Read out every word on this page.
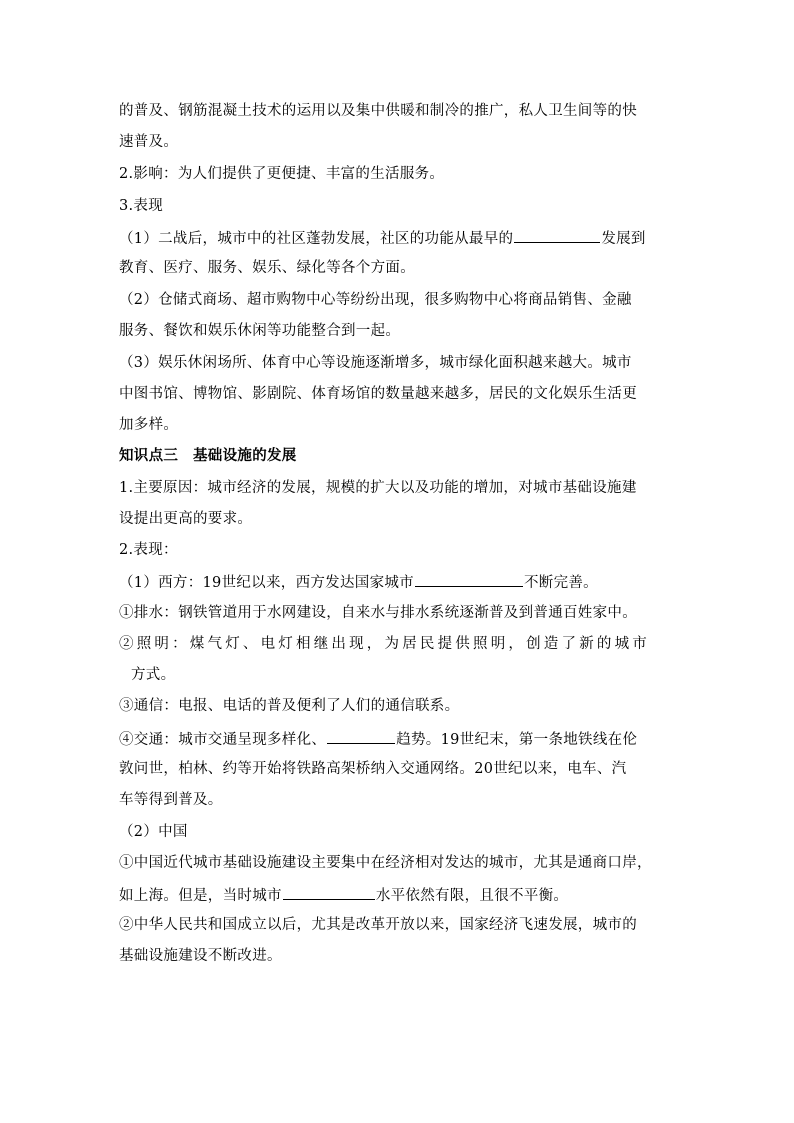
的普及、钢筋混凝土技术的运用以及集中供暖和制冷的推广，私人卫生间等的快
速普及。
2.影响：为人们提供了更便捷、丰富的生活服务。
3.表现
（1）二战后，城市中的社区蓬勃发展，社区的功能从最早的	发展到
教育、医疗、服务、娱乐、绿化等各个方面。
（2）仓储式商场、超市购物中心等纷纷出现，很多购物中心将商品销售、金融
服务、餐饮和娱乐休闲等功能整合到一起。
（3）娱乐休闲场所、体育中心等设施逐渐增多，城市绿化面积越来越大。城市
中图书馆、博物馆、影剧院、体育场馆的数量越来越多，居民的文化娱乐生活更
加多样。
知识点三　基础设施的发展
1.主要原因：城市经济的发展，规模的扩大以及功能的增加，对城市基础设施建
设提出更高的要求。
2.表现：
（1）西方：19世纪以来，西方发达国家城市	不断完善。
①排水：钢铁管道用于水网建设，自来水与排水系统逐渐普及到普通百姓家中。
②照明：煤气灯、电灯相继出现，为居民提供照明，创造了新的城市
方式。
③通信：电报、电话的普及便利了人们的通信联系。
④交通：城市交通呈现多样化、	趋势。19世纪末，第一条地铁线在伦
敦问世，柏林、约等开始将铁路高架桥纳入交通网络。20世纪以来，电车、汽
车等得到普及。
（2）中国
①中国近代城市基础设施建设主要集中在经济相对发达的城市，尤其是通商口岸，
如上海。但是，当时城市	水平依然有限，且很不平衡。
②中华人民共和国成立以后，尤其是改革开放以来，国家经济飞速发展，城市的
基础设施建设不断改进。
